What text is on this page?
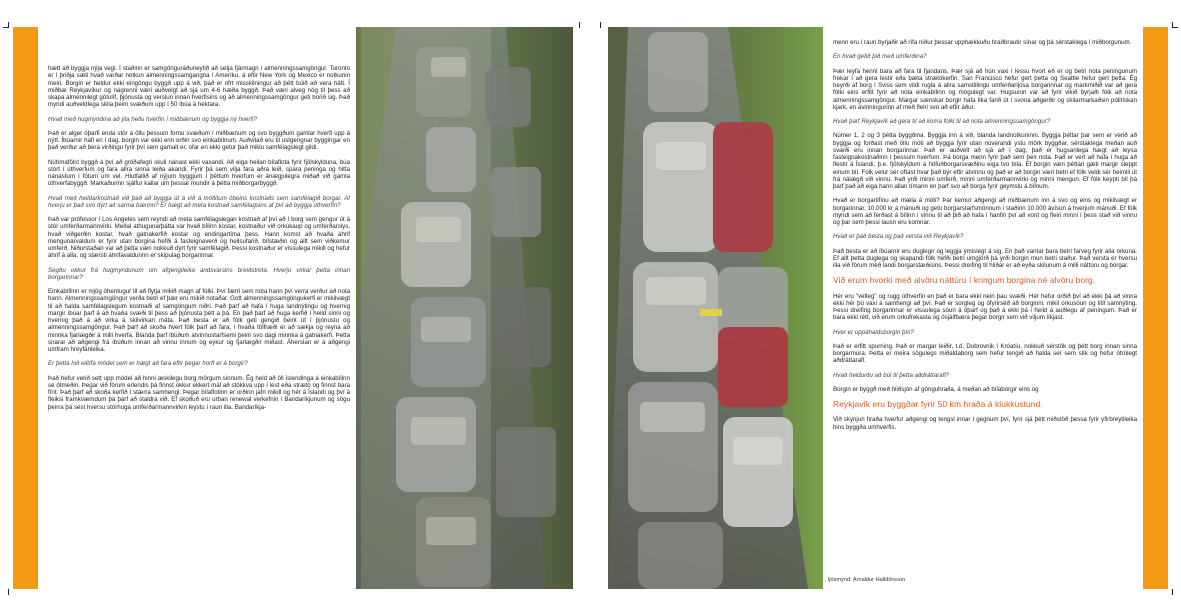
hætt að byggja nýja vegi. Í staðinn er samgönguráðuneytið að setja fjármagn í almenningssamgöngur. Toronto er í þriðja sæti hvað varðar notkun almenningssamgangna í Ameríku, á eftir New York og Mexico er notkunin meiri. Borgin er heldur ekki eingöngu byggð upp á við, það er ofrt misskilningur að þétt búið að vera hátt. Í miðbæ Reykjavíkur og nágrenni væri auðvelgt að sjá um 4-6 hæða byggð. Það væri alveg nóg til þess að skapa almennilegt götulíf, þjónusta og verslun innan hverfisins og að almenningssamgöngur geti borið sig. Það myndi auðveldlega skila þeim svæðum upp í 50 íbúa á hektara.

Hvað með hugmyndina að ýta hellu hverfin í miðbænum og byggja ný hverfi?

Það er alger óþarfi enda stór á öllu þessum fornu svæðum í miðbænum og svo byggðum gamlar hverfi upp á nýtt. Íbúarnir hafi en í dag, borgin var ekki enn orðin svo einkabílnum. Auðvitað eru til ustgengnar byggingar en það verður að bera virðingu fyrir því sem gamalt er, ofar en ekki getur það miklu samfélagslegt gildi.

Nútímafölst byggð á því að gróðafegri skuli nánast ekki vaxandi. Að eiga heilan bílaflota fyrir fjölskylduna, búa stórt í úthverfum og fara allra sinna leiða akandi. Fyrir þá sem vilja fara aðra leið, spara peninga og hitta nánastum í fótum um vel. Hlutfallið af nýjum byggjum í þéttum hverfum er ánægjulegra miðað við gamla úthverfabyggð. Markaðurinn sjálfur kallar um þessar mundir á þétta miðborgarbyggð.

Hvað með heildarkostnað við það að byggja út á við á mótlitum óbeins kostnaðs sem samfélagið borgar. Af hverju er það svo dýrt að sarma bærinn? Er hægt að meta kostnað samfélagsins af því að byggja úthverfin?

Það var prófessor í Los Angeles sem reyndi að meta samfélagslegan kostnað af því að í borg sem gengur út á stór umferðarmannvirki. Meðal athugunarþátta var hvað bílinn kostar, kostnaður við orkukaup og umferðarslys, hvað viðgerðin kostar, hvað gatnakerfið kostar og endingartíma þess. Hann komst að hvaða áhrif mengunarvaldum er fyrir utan borgina hefði á fasteignaverð og heilsufarið, bílstæðin og allt sem viðkemur umferð. Niðurstaðan var að þetta væri nokkuð dýrt fyrir samfélagið. Þessi kostnaður er vissulega mikill og hefur áhrif á alla, og stærsti áhrifavaldurinn er skipulag borgarinnar.

Segðu okkur frá hugmyndunum um afgengileika andsvarsins breiðstreta. Hverju virkar þetta innan borgarinnar?

Einkabíllinn er mjög óhentugur til að flytja mikið magn af fólki. Því færri sem nota hann því verra verður að nota hann. Almenningssamgöngur verða betri ef þær eru mikið notaðar. Gott almenningssamgöngukerfi er mikilvægt til að halda samfélagslegum kostnaði af samgöngum niðri. Það þarf að hafa í huga landnýtingu og hvernig margir íbúar þarf á að hvaða svæði til þess að þjónusta þétt a þá. En það þarf að huga kerfið í heild sinni og hvernig það á að virka á skilvirkan máta. Það besta er að fólk geti gengið beint út í þjónustu og almenningssamgöngur. Það þarf að skoða hvert fólk þarf að fara, í hvaða tölfræði er að sækja og reyna að minnka fjarlægðir á milli hverfa. Blanda þarf íbúðum atvinnustarfsemi þeim svo dagi minnka á gatnakerfi. Þetta snarar að aðgengi frá íbúðum innan að vinnu innum og eykur og fjarlægðir miðast. Áherslan er á aðgengi umfram hreyfanleika.

Er þetta hið eiltífa módel sem er hægt að fara eftir þegar horft er á borgir?

Það hefur verið sett upp módel að hinni æskilegu borg mörgum sinnum. Ég held að öll íslendinga á einkabílinn se ótmeðin. Þegar við förum erlendis þá finnst okkur ekkert mál að stökkva upp í lest eða strætó og finnst bara fínt. Það þarf að skoða kerfið í stærra samhengi. Þegar bílaflotinn er orðinn jafn mikill og hér á Íslandi og því á fleiksi framkvæmdum þá þarf að staldra við. Ef skoðuð eru urban renewal verkefnin í Bandaríkjunum og sögu þeirra þá sést hversu stórhuga umferðarmannvirkin leystu í raun illa. Bandaríkja-

menn eru í raun byrjaðir að rífa niður þessar upphækkuðu hraðbrautir sínar og þá sérstaklega í miðborgunum.

En hvað getið þið með umferðina?

Þær leyfa henni bara að fara til fjandans. Þær sjá að hún vaxi í lessu hvort eð er og betri nota peningunum frekar í að gera lestir eða bæta strætókerfin. San Francisco hefur gert þetta og Seattle hefur gert þetta. Ég heyrði af borg í Sviss sem vildi rugla á allra samstillingu umferðarljósa borgarinnar og markmiðið var að gera fólki eins erfitt fyrir að nota einkabílinn og mögulegt var. Hugsunin var að fyrir vikið byrjaði fólk að nota almenningssamgöngur. Margar sænskar borgir hafa líka farið út í svona aðgerðir og skilarmarkaðsin pólitískan kjark, en ávinningurinn af með fleiri svo að eftir áður.

Hvað þarf Reykjavík að gera til að koma fólki til að nota almenningssamgöngur?

Númer 1, 2 og 3 þétta byggðina. Byggja inn á við, blanda landnotkuninni. Byggja þéttar þar sem er verið að byggja og forðast með öllu móti að byggja fyrir utan núverandi ystu mörk byggðar, sérstaklega meðan auð svæði eru innan borgarinnar. Það er auðvelt að sjá að í dag, það er hugsanlega hægt að leysa fasteignakostnaðinn í þessum hverfum. Þá borga menn fyrir það sem þeir nota. Það er vert að hafa í huga að flestir á Íslandi, þ.e. fjölskyldum á höfuðborgarsvæðinu eiga tvo bíla. Ef borgin væri þéttari gæti margir sleppt einum bíl. Fólk velur sér oftast hvar það býr eftir atvinnu og það er að borgin væri betri ef fólk veldi sér heimili út frá nálægð við vinnu. Það yrði minni umferð, minni umferðarmannvirki og minni mengun. Ef fólk keypti bíl þá þarf það að eiga hann allan tímann en þarf svo að borga fyrir geymslu á bílnum.

Hvað er borgarlífinu að mæla á móti? Þar kemur aðgengi að miðbænum inn á svo og eins og mikilvægt er borgarinnar. 10.000 kr á mánuði og getu borgarstarfsmönnum í staðinn 10.000 ávísun á hverjum mánuði. Ef fólk myndi sem að ferðast á bílinn í vinnu til að þið að hafa í hanfin því að vont og fleiri minni í þess stað við vinnu og þar sem þessi lausn eru komnar.

Hvað er það besta og það versta við Reykjavík?

Það besta er að íbúarnir eru duglegir og leggja ýmislegt á sig. En það vantar bara betri farveg fyrir alla orkuna. Ef allt þetta duglega og skapandi fólk hefði betri umgjörð þá yrði borgin mun betri staður. Það versta er hversu illa við förum með landi borgarstæðisins. Þessi dreifing til hliðar er að eyða skilunum á milli náttúru og borgar.

Við erum hvorki með alvöru náttúru í kringum borgina né alvöru borg.

Hér eru "vetleg" og rugg úthverfin en það er bara ekki nein þau svæði. Hér hefur orðið því að ekki þá að vinna ekki hér þú vaxi á samhengi að því. Það er sorgleg og ófyrirséð að borginni, mikil orkusóun og lítil samnýting. Þessi dreifing borgarinnar er vissulega sóun á óþarf og það á ekki þá í heild á auðlegu af peningum. Það er bara ekki rétt, við erum orkufrekasta og ósjálfbæra þegar borgir sem við viljum líkjast.

Hver er uppáhaldsborgin þín?

Það er erfitt spurning. Það er margar leiðir, t.d. Dubrovnik í Króatíu, nokkuð sérstök og þétt borg innan sinna borgarmúra. Þetta er meira sögulegs miðaldaborg sem hefur tengið að halda ser sem slík og hefur ótrúlegt aðdráttarafl.

Hvað heldurðu að búi til þetta aðdráttarafl?

Borgin er byggð með hliðsjón af gönguhraða, á meðan að bílaborgir eins og

Reykjavík eru byggðar fyrir 50 km hraða á klukkustund.

Við skynjun hraða hverfur aðgengi og tengsl innar í gegnum því, fyrir sjá þétt miðstöð þessa fyrir yfirbreytileika hins byggða umhverfis.

ljósmynd: Arnaldur Halldórsson
